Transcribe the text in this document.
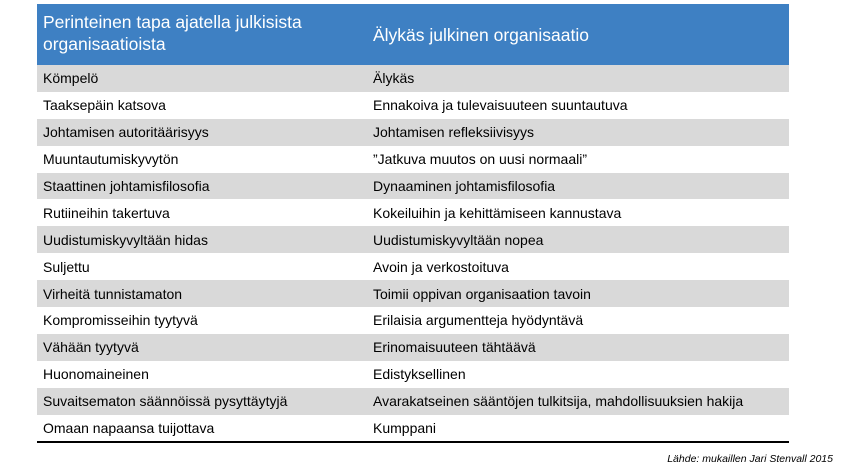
Perinteinen tapa ajatella julkisista organisaatioista	Älykäs julkinen organisaatio
Kömpelö	Älykäs
Taaksepäin katsova	Ennakoiva ja tulevaisuuteen suuntautuva
Johtamisen autoritäärisyys	Johtamisen refleksiivisyys
Muuntautumiskyvytön	”Jatkuva muutos on uusi normaali”
Staattinen johtamisfilosofia	Dynaaminen johtamisfilosofia
Rutiineihin takertuva	Kokeiluihin ja kehittämiseen kannustava
Uudistumiskyvyltään hidas	Uudistumiskyvyltään nopea
Suljettu	Avoin ja verkostoituva
Virheitä tunnistamaton	Toimii oppivan organisaation tavoin
Kompromisseihin tyytyvä	Erilaisia argumentteja hyödyntävä
Vähään tyytyvä	Erinomaisuuteen tähtäävä
Huonomaineinen	Edistyksellinen
Suvaitsematon säännöissä pysyttäytyjä	Avarakatseinen sääntöjen tulkitsija, mahdollisuuksien hakija
Omaan napaansa tuijottava	Kumppani
Lähde: mukaillen Jari Stenvall 2015
